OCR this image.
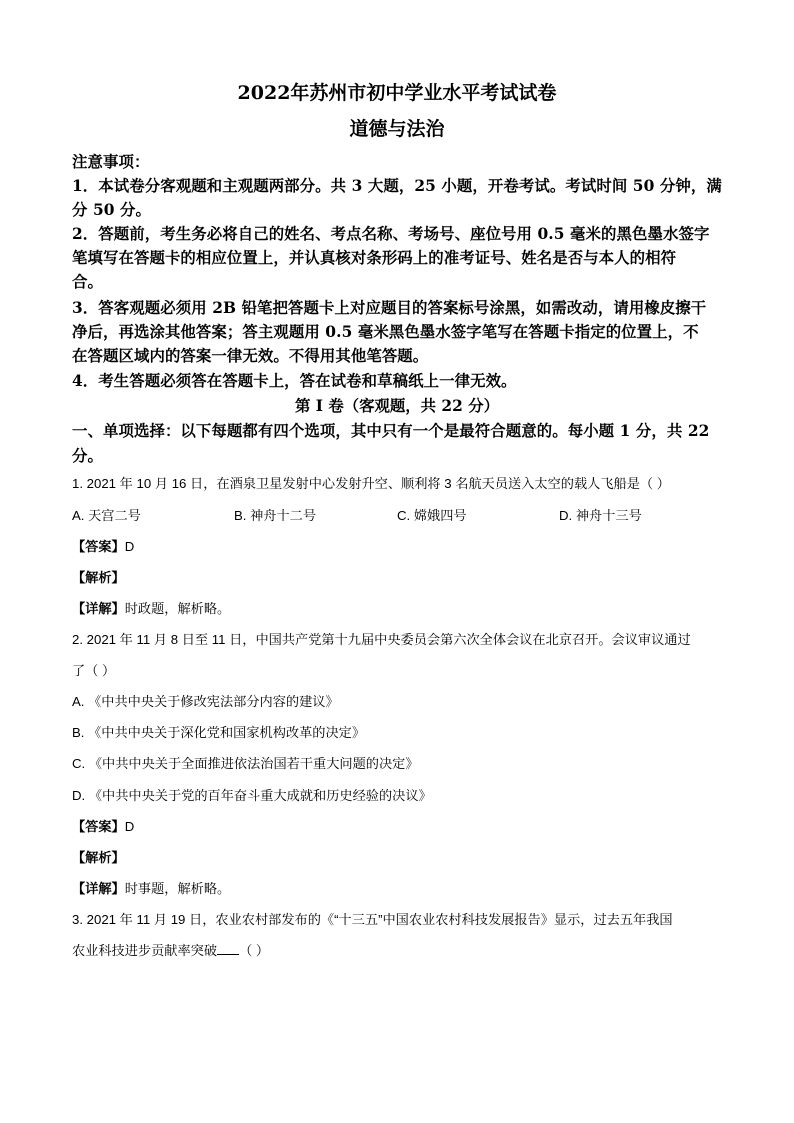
2022年苏州市初中学业水平考试试卷
道德与法治
注意事项：
1．本试卷分客观题和主观题两部分。共 3 大题，25 小题，开卷考试。考试时间 50 分钟，满
分 50 分。
2．答题前，考生务必将自己的姓名、考点名称、考场号、座位号用 0.5 毫米的黑色墨水签字
笔填写在答题卡的相应位置上，并认真核对条形码上的准考证号、姓名是否与本人的相符
合。
3．答客观题必须用 2B 铅笔把答题卡上对应题目的答案标号涂黑，如需改动，请用橡皮擦干
净后，再选涂其他答案；答主观题用 0.5 毫米黑色墨水签字笔写在答题卡指定的位置上，不
在答题区域内的答案一律无效。不得用其他笔答题。
4．考生答题必须答在答题卡上，答在试卷和草稿纸上一律无效。
第 I 卷（客观题，共 22 分）
一、单项选择：以下每题都有四个选项，其中只有一个是最符合题意的。每小题 1 分，共 22
分。
1. 2021 年 10 月 16 日，在酒泉卫星发射中心发射升空、顺利将 3 名航天员送入太空的载人飞船是（ ）
A. 天宫二号	B. 神舟十二号	C. 嫦娥四号	D. 神舟十三号
【答案】D
【解析】
【详解】时政题，解析略。
2. 2021 年 11 月 8 日至 11 日，中国共产党第十九届中央委员会第六次全体会议在北京召开。会议审议通过
了（ ）
A. 《中共中央关于修改宪法部分内容的建议》
B. 《中共中央关于深化党和国家机构改革的决定》
C. 《中共中央关于全面推进依法治国若干重大问题的决定》
D. 《中共中央关于党的百年奋斗重大成就和历史经验的决议》
【答案】D
【解析】
【详解】时事题，解析略。
3. 2021 年 11 月 19 日，农业农村部发布的《“十三五”中国农业农村科技发展报告》显示，过去五年我国
农业科技进步贡献率突破 （ ）
